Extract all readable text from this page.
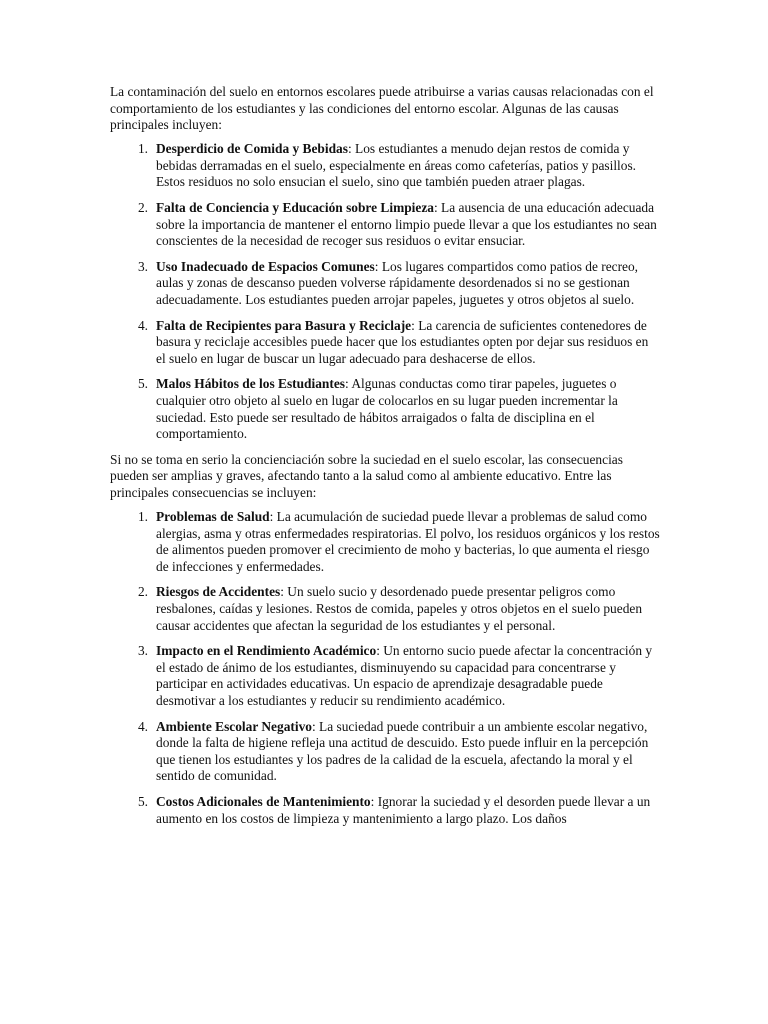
La contaminación del suelo en entornos escolares puede atribuirse a varias causas relacionadas con el comportamiento de los estudiantes y las condiciones del entorno escolar. Algunas de las causas principales incluyen:

1. Desperdicio de Comida y Bebidas: Los estudiantes a menudo dejan restos de comida y bebidas derramadas en el suelo, especialmente en áreas como cafeterías, patios y pasillos. Estos residuos no solo ensucian el suelo, sino que también pueden atraer plagas.
2. Falta de Conciencia y Educación sobre Limpieza: La ausencia de una educación adecuada sobre la importancia de mantener el entorno limpio puede llevar a que los estudiantes no sean conscientes de la necesidad de recoger sus residuos o evitar ensuciar.
3. Uso Inadecuado de Espacios Comunes: Los lugares compartidos como patios de recreo, aulas y zonas de descanso pueden volverse rápidamente desordenados si no se gestionan adecuadamente. Los estudiantes pueden arrojar papeles, juguetes y otros objetos al suelo.
4. Falta de Recipientes para Basura y Reciclaje: La carencia de suficientes contenedores de basura y reciclaje accesibles puede hacer que los estudiantes opten por dejar sus residuos en el suelo en lugar de buscar un lugar adecuado para deshacerse de ellos.
5. Malos Hábitos de los Estudiantes: Algunas conductas como tirar papeles, juguetes o cualquier otro objeto al suelo en lugar de colocarlos en su lugar pueden incrementar la suciedad. Esto puede ser resultado de hábitos arraigados o falta de disciplina en el comportamiento.

Si no se toma en serio la concienciación sobre la suciedad en el suelo escolar, las consecuencias pueden ser amplias y graves, afectando tanto a la salud como al ambiente educativo. Entre las principales consecuencias se incluyen:

1. Problemas de Salud: La acumulación de suciedad puede llevar a problemas de salud como alergias, asma y otras enfermedades respiratorias. El polvo, los residuos orgánicos y los restos de alimentos pueden promover el crecimiento de moho y bacterias, lo que aumenta el riesgo de infecciones y enfermedades.
2. Riesgos de Accidentes: Un suelo sucio y desordenado puede presentar peligros como resbalones, caídas y lesiones. Restos de comida, papeles y otros objetos en el suelo pueden causar accidentes que afectan la seguridad de los estudiantes y el personal.
3. Impacto en el Rendimiento Académico: Un entorno sucio puede afectar la concentración y el estado de ánimo de los estudiantes, disminuyendo su capacidad para concentrarse y participar en actividades educativas. Un espacio de aprendizaje desagradable puede desmotivar a los estudiantes y reducir su rendimiento académico.
4. Ambiente Escolar Negativo: La suciedad puede contribuir a un ambiente escolar negativo, donde la falta de higiene refleja una actitud de descuido. Esto puede influir en la percepción que tienen los estudiantes y los padres de la calidad de la escuela, afectando la moral y el sentido de comunidad.
5. Costos Adicionales de Mantenimiento: Ignorar la suciedad y el desorden puede llevar a un aumento en los costos de limpieza y mantenimiento a largo plazo. Los daños
